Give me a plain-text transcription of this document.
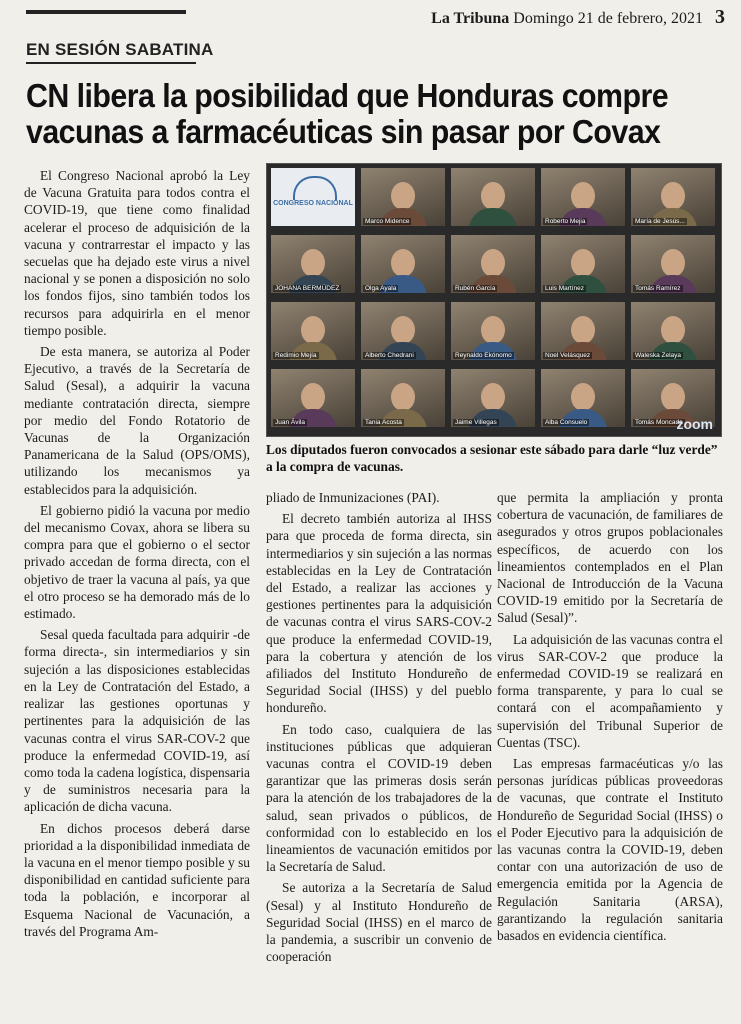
La Tribuna Domingo 21 de febrero, 2021 3
EN SESIÓN SABATINA
CN libera la posibilidad que Honduras compre vacunas a farmacéuticas sin pasar por Covax

El Congreso Nacional aprobó la Ley de Vacuna Gratuita para todos contra el COVID-19, que tiene como finalidad acelerar el proceso de adquisición de la vacuna y contrarrestar el impacto y las secuelas que ha dejado este virus a nivel nacional y se ponen a disposición no solo los fondos fijos, sino también todos los recursos para adquirirla en el menor tiempo posible.

De esta manera, se autoriza al Poder Ejecutivo, a través de la Secretaría de Salud (Sesal), a adquirir la vacuna mediante contratación directa, siempre por medio del Fondo Rotatorio de Vacunas de la Organización Panamericana de la Salud (OPS/OMS), utilizando los mecanismos ya establecidos para la adquisición.

El gobierno pidió la vacuna por medio del mecanismo Covax, ahora se libera su compra para que el gobierno o el sector privado accedan de forma directa, con el objetivo de traer la vacuna al país, ya que el otro proceso se ha demorado más de lo estimado.

Sesal queda facultada para adquirir -de forma directa-, sin intermediarios y sin sujeción a las disposiciones establecidas en la Ley de Contratación del Estado, a realizar las gestiones oportunas y pertinentes para la adquisición de las vacunas contra el virus SAR-COV-2 que produce la enfermedad COVID-19, así como toda la cadena logística, dispensaria y de suministros necesaria para la aplicación de dicha vacuna.

En dichos procesos deberá darse prioridad a la disponibilidad inmediata de la vacuna en el menor tiempo posible y su disponibilidad en cantidad suficiente para toda la población, e incorporar al Esquema Nacional de Vacunación, a través del Programa Am-

CONGRESO NACIONAL
Marco Midence	Roberto Mejia	María de Jesús...
JOHANA BERMÚDEZ	Olga Ayala	Rubén García	Luis Martínez	Tomás Ramírez
Redimio Mejía	Alberto Chedrani	Reynaldo Ekónomo	Noel Velásquez	Waleska Zelaya
Juan Ávila	Tania Acosta	Jaime Villegas	Alba Consuelo	Tomás Moncada
zoom
Los diputados fueron convocados a sesionar este sábado para darle “luz verde” a la compra de vacunas.

pliado de Inmunizaciones (PAI).

El decreto también autoriza al IHSS para que proceda de forma directa, sin intermediarios y sin sujeción a las normas establecidas en la Ley de Contratación del Estado, a realizar las acciones y gestiones pertinentes para la adquisición de vacunas contra el virus SARS-COV-2 que produce la enfermedad COVID-19, para la cobertura y atención de los afiliados del Instituto Hondureño de Seguridad Social (IHSS) y del pueblo hondureño.

En todo caso, cualquiera de las instituciones públicas que adquieran vacunas contra el COVID-19 deben garantizar que las primeras dosis serán para la atención de los trabajadores de la salud, sean privados o públicos, de conformidad con lo establecido en los lineamientos de vacunación emitidos por la Secretaría de Salud.

Se autoriza a la Secretaría de Salud (Sesal) y al Instituto Hondureño de Seguridad Social (IHSS) en el marco de la pandemia, a suscribir un convenio de cooperación

que permita la ampliación y pronta cobertura de vacunación, de familiares de asegurados y otros grupos poblacionales específicos, de acuerdo con los lineamientos contemplados en el Plan Nacional de Introducción de la Vacuna COVID-19 emitido por la Secretaría de Salud (Sesal)”.

La adquisición de las vacunas contra el virus SAR-COV-2 que produce la enfermedad COVID-19 se realizará en forma transparente, y para lo cual se contará con el acompañamiento y supervisión del Tribunal Superior de Cuentas (TSC).

Las empresas farmacéuticas y/o las personas jurídicas públicas proveedoras de vacunas, que contrate el Instituto Hondureño de Seguridad Social (IHSS) o el Poder Ejecutivo para la adquisición de las vacunas contra la COVID-19, deben contar con una autorización de uso de emergencia emitida por la Agencia de Regulación Sanitaria (ARSA), garantizando la regulación sanitaria basados en evidencia científica.
